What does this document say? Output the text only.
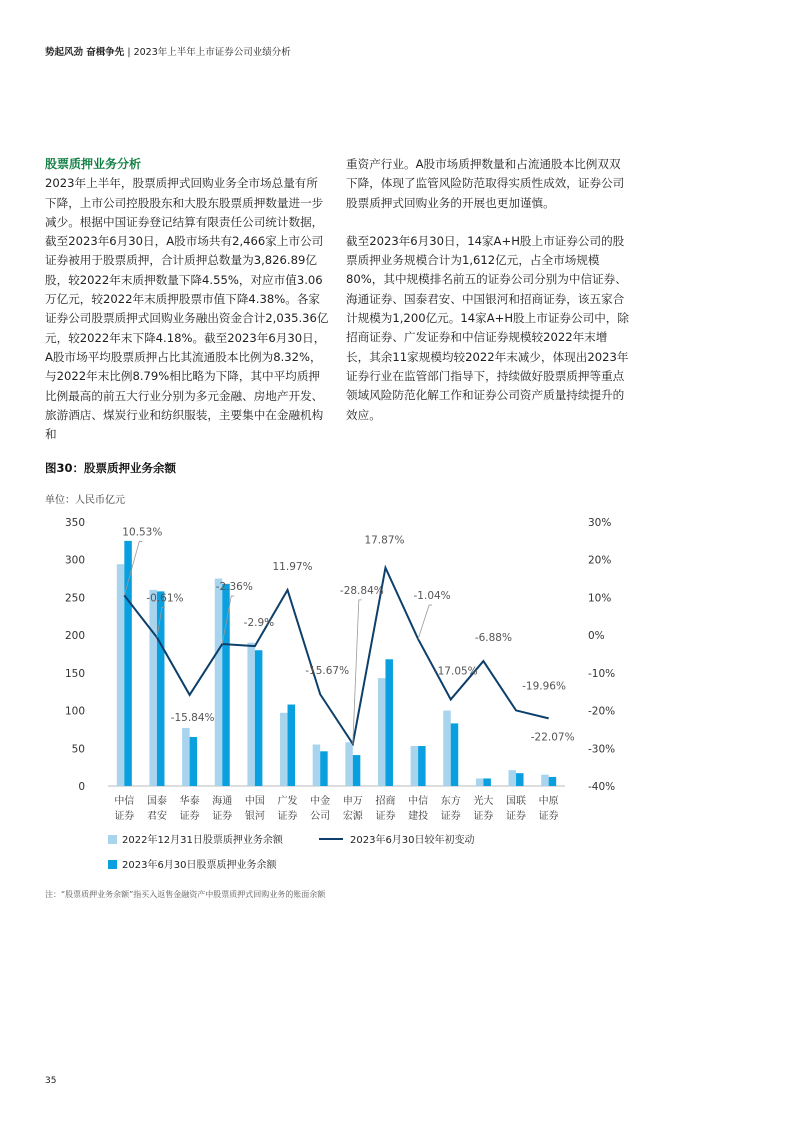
势起风劲 奋楫争先 | 2023年上半年上市证券公司业绩分析
股票质押业务分析

2023年上半年，股票质押式回购业务全市场总量有所下降，上市公司控股股东和大股东股票质押数量进一步减少。根据中国证券登记结算有限责任公司统计数据，截至2023年6月30日，A股市场共有2,466家上市公司证券被用于股票质押，合计质押总数量为3,826.89亿股，较2022年末质押数量下降4.55%，对应市值3.06万亿元，较2022年末质押股票市值下降4.38%。各家证券公司股票质押式回购业务融出资金合计2,035.36亿元，较2022年末下降4.18%。截至2023年6月30日，A股市场平均股票质押占比其流通股本比例为8.32%，与2022年末比例8.79%相比略为下降，其中平均质押比例最高的前五大行业分别为多元金融、房地产开发、旅游酒店、煤炭行业和纺织服装，主要集中在金融机构和

重资产行业。A股市场质押数量和占流通股本比例双双下降，体现了监管风险防范取得实质性成效，证券公司股票质押式回购业务的开展也更加谨慎。

截至2023年6月30日，14家A+H股上市证券公司的股票质押业务规模合计为1,612亿元，占全市场规模80%，其中规模排名前五的证券公司分别为中信证券、海通证券、国泰君安、中国银河和招商证券，该五家合计规模为1,200亿元。14家A+H股上市证券公司中，除招商证券、广发证券和中信证券规模较2022年末增长，其余11家规模均较2022年末减少，体现出2023年证券行业在监管部门指导下，持续做好股票质押等重点领域风险防范化解工作和证券公司资产质量持续提升的效应。

图30：股票质押业务余额
单位：人民币亿元
0
50
100
150
200
250
300
350
-40%
-30%
-20%
-10%
0%
10%
20%
30%
中信
证券
国泰
君安
华泰
证券
海通
证券
中国
银河
广发
证券
中金
公司
申万
宏源
招商
证券
中信
建投
东方
证券
光大
证券
国联
证券
中原
证券
10.53%
-0.61%
-15.84%
-2.36%
-2.9%
11.97%
-15.67%
-28.84%
17.87%
-1.04%
-17.05%
-6.88%
-19.96%
-22.07%
2022年12月31日股票质押业务余额	2023年6月30日较年初变动
2023年6月30日股票质押业务余额
注：“股票质押业务余额”指买入返售金融资产中股票质押式回购业务的账面余额
35
